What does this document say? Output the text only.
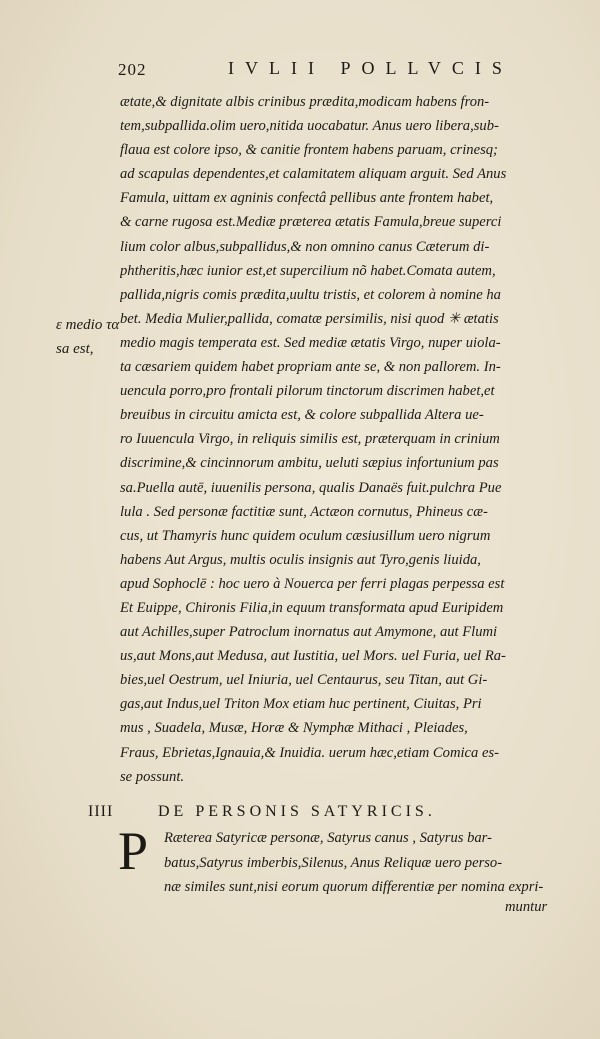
202	IVLII POLLVCIS
ætate,& dignitate albis crinibus prædita,modicam habens fron-
tem,subpallida.olim uero,nitida uocabatur. Anus uero libera,sub-
flaua est colore ipso, & canitie frontem habens paruam, crinesq;
ad scapulas dependentes,et calamitatem aliquam arguit. Sed Anus
Famula, uittam ex agninis confectâ pellibus ante frontem habet,
& carne rugosa est.Mediæ præterea ætatis Famula,breue superci
lium color albus,subpallidus,& non omnino canus Cæterum di-
phtheritis,hæc iunior est,et supercilium nõ habet.Comata autem,
pallida,nigris comis prædita,uultu tristis, et colorem à nomine ha
bet. Media Mulier,pallida, comatæ persimilis, nisi quod ✳ ætatis
medio magis temperata est. Sed mediæ ætatis Virgo, nuper uiola-
ta cæsariem quidem habet propriam ante se, & non pallorem. In-
uencula porro,pro frontali pilorum tinctorum discrimen habet,et
breuibus in circuitu amicta est, & colore subpallida Altera ue-
ro Iuuencula Virgo, in reliquis similis est, præterquam in crinium
discrimine,& cincinnorum ambitu, ueluti sæpius infortunium pas
sa.Puella autē, iuuenilis persona, qualis Danaës fuit.pulchra Pue
lula . Sed personæ factitiæ sunt, Actæon cornutus, Phineus cæ-
cus, ut Thamyris hunc quidem oculum cæsiusillum uero nigrum
habens Aut Argus, multis oculis insignis aut Tyro,genis liuida,
apud Sophoclē : hoc uero à Nouerca per ferri plagas perpessa est
Et Euippe, Chironis Filia,in equum transformata apud Euripidem
aut Achilles,super Patroclum inornatus aut Amymone, aut Flumi
us,aut Mons,aut Medusa, aut Iustitia, uel Mors. uel Furia, uel Ra-
bies,uel Oestrum, uel Iniuria, uel Centaurus, seu Titan, aut Gi-
gas,aut Indus,uel Triton Mox etiam huc pertinent, Ciuitas, Pri
mus , Suadela, Musæ, Horæ & Nymphæ Mithaci , Pleiades,
Fraus, Ebrietas,Ignauia,& Inuidia. uerum hæc,etiam Comica es-
se possunt.
ε medio τα
sa est,
IIII	DE PERSONIS SATYRICIS.
P Ræterea Satyricæ personæ, Satyrus canus , Satyrus bar-
batus,Satyrus imberbis,Silenus, Anus Reliquæ uero perso-
næ similes sunt,nisi eorum quorum differentiæ per nomina expri-
muntur
